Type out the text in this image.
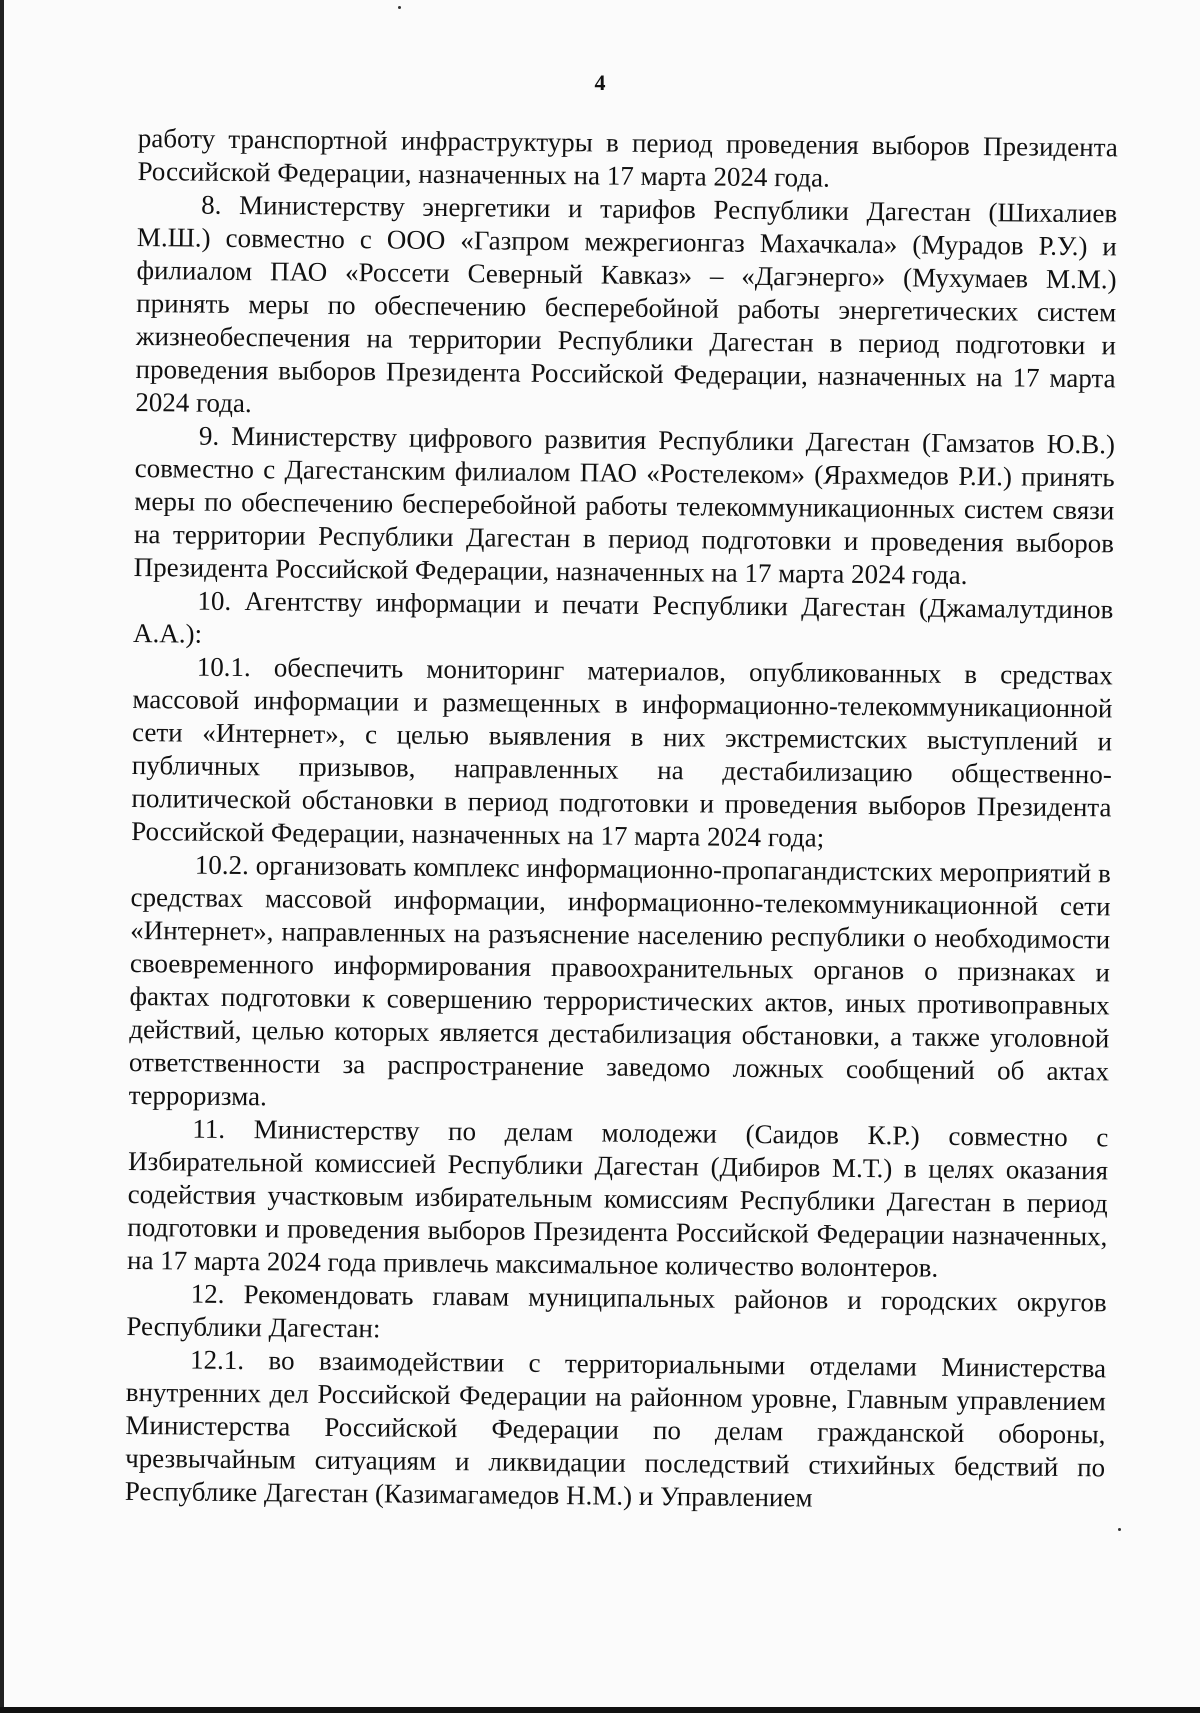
4

работу транспортной инфраструктуры в период проведения выборов Президента Российской Федерации, назначенных на 17 марта 2024 года.

8. Министерству энергетики и тарифов Республики Дагестан (Шихалиев М.Ш.) совместно с ООО «Газпром межрегионгаз Махачкала» (Мурадов Р.У.) и филиалом ПАО «Россети Северный Кавказ» – «Дагэнерго» (Мухумаев М.М.) принять меры по обеспечению бесперебойной работы энергетических систем жизнеобеспечения на территории Республики Дагестан в период подготовки и проведения выборов Президента Российской Федерации, назначенных на 17 марта 2024 года.

9. Министерству цифрового развития Республики Дагестан (Гамзатов Ю.В.) совместно с Дагестанским филиалом ПАО «Ростелеком» (Ярахмедов Р.И.) принять меры по обеспечению бесперебойной работы телекоммуникационных систем связи на территории Республики Дагестан в период подготовки и проведения выборов Президента Российской Федерации, назначенных на 17 марта 2024 года.

10. Агентству информации и печати Республики Дагестан (Джамалутдинов А.А.):

10.1. обеспечить мониторинг материалов, опубликованных в средствах массовой информации и размещенных в информационно-телекоммуникационной сети «Интернет», с целью выявления в них экстремистских выступлений и публичных призывов, направленных на дестабилизацию общественно-политической обстановки в период подготовки и проведения выборов Президента Российской Федерации, назначенных на 17 марта 2024 года;

10.2. организовать комплекс информационно-пропагандистских мероприятий в средствах массовой информации, информационно-телекоммуникационной сети «Интернет», направленных на разъяснение населению республики о необходимости своевременного информирования правоохранительных органов о признаках и фактах подготовки к совершению террористических актов, иных противоправных действий, целью которых является дестабилизация обстановки, а также уголовной ответственности за распространение заведомо ложных сообщений об актах терроризма.

11. Министерству по делам молодежи (Саидов К.Р.) совместно с Избирательной комиссией Республики Дагестан (Дибиров М.Т.) в целях оказания содействия участковым избирательным комиссиям Республики Дагестан в период подготовки и проведения выборов Президента Российской Федерации назначенных, на 17 марта 2024 года привлечь максимальное количество волонтеров.

12. Рекомендовать главам муниципальных районов и городских округов Республики Дагестан:

12.1. во взаимодействии с территориальными отделами Министерства внутренних дел Российской Федерации на районном уровне, Главным управлением Министерства Российской Федерации по делам гражданской обороны, чрезвычайным ситуациям и ликвидации последствий стихийных бедствий по Республике Дагестан (Казимагамедов Н.М.) и Управлением
